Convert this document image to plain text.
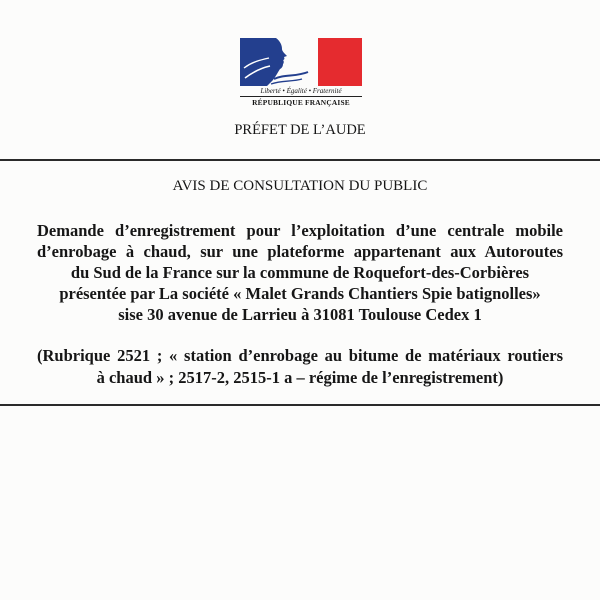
Liberté • Égalité • Fraternité
RÉPUBLIQUE FRANÇAISE
PRÉFET DE L’AUDE
AVIS DE CONSULTATION DU PUBLIC
Demande d’enregistrement pour l’exploitation d’une centrale mobile
d’enrobage à chaud, sur une plateforme appartenant aux Autoroutes
du Sud de la France sur la commune de Roquefort-des-Corbières
présentée par La société « Malet Grands Chantiers Spie batignolles»
sise 30 avenue de Larrieu à 31081 Toulouse Cedex 1
(Rubrique 2521 ; « station d’enrobage au bitume de matériaux routiers
à chaud » ; 2517-2, 2515-1 a – régime de l’enregistrement)
